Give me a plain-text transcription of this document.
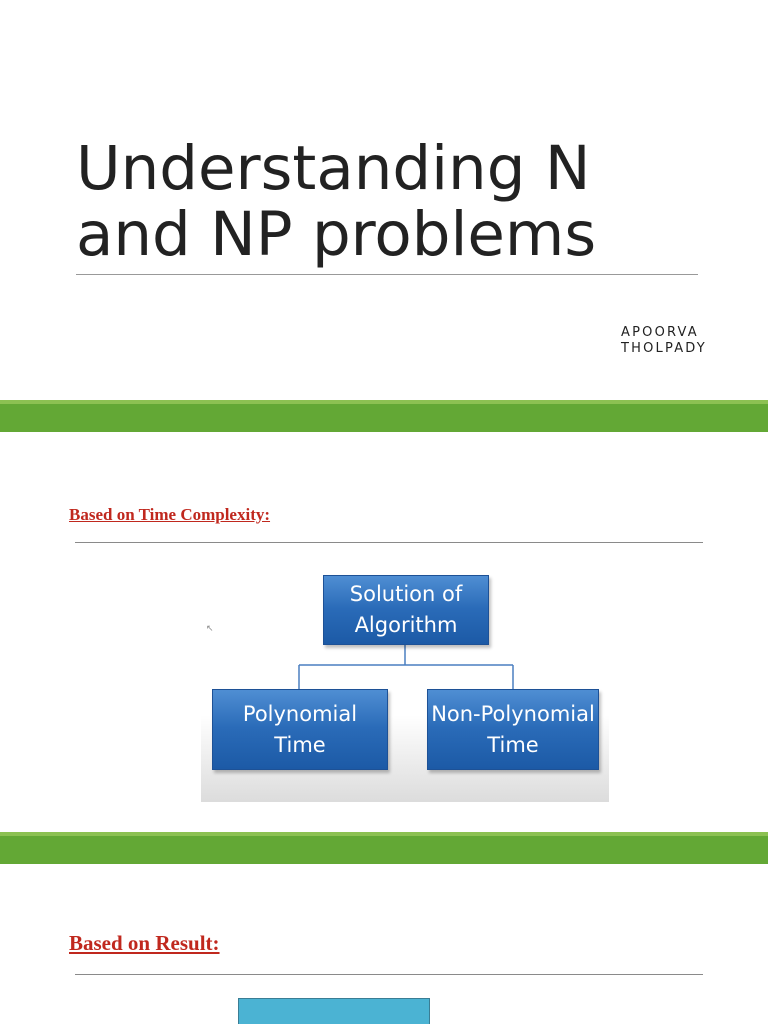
Understanding N
and NP problems
APOORVA
THOLPADY
Based on Time Complexity:
↖
Solution of
Algorithm
Polynomial
Time
Non-Polynomial
Time
Based on Result:
